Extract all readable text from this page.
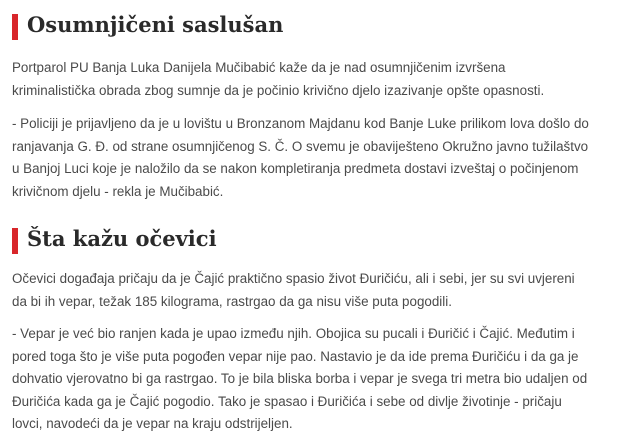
Osumnjičeni saslušan

Portparol PU Banja Luka Danijela Mučibabić kaže da je nad osumnjičenim izvršena kriminalistička obrada zbog sumnje da je počinio krivično djelo izazivanje opšte opasnosti.

- Policiji je prijavljeno da je u lovištu u Bronzanom Majdanu kod Banje Luke prilikom lova došlo do ranjavanja G. Đ. od strane osumnjičenog S. Č. O svemu je obaviješteno Okružno javno tužilaštvo u Banjoj Luci koje je naložilo da se nakon kompletiranja predmeta dostavi izveštaj o počinjenom krivičnom djelu - rekla je Mučibabić.

Šta kažu očevici

Očevici događaja pričaju da je Čajić praktično spasio život Đuričiću, ali i sebi, jer su svi uvjereni da bi ih vepar, težak 185 kilograma, rastrgao da ga nisu više puta pogodili.

- Vepar je već bio ranjen kada je upao između njih. Obojica su pucali i Đuričić i Čajić. Međutim i pored toga što je više puta pogođen vepar nije pao. Nastavio je da ide prema Đuričiću i da ga je dohvatio vjerovatno bi ga rastrgao. To je bila bliska borba i vepar je svega tri metra bio udaljen od Đuričića kada ga je Čajić pogodio. Tako je spasao i Đuričića i sebe od divlje životinje - pričaju lovci, navodeći da je vepar na kraju odstrijeljen.
